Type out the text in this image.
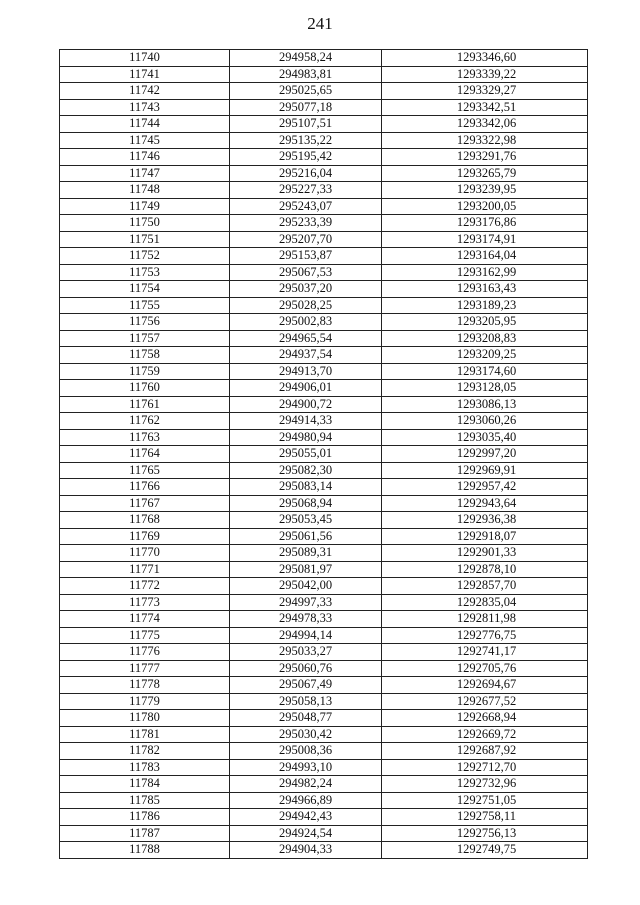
241
11740	294958,24	1293346,60
11741	294983,81	1293339,22
11742	295025,65	1293329,27
11743	295077,18	1293342,51
11744	295107,51	1293342,06
11745	295135,22	1293322,98
11746	295195,42	1293291,76
11747	295216,04	1293265,79
11748	295227,33	1293239,95
11749	295243,07	1293200,05
11750	295233,39	1293176,86
11751	295207,70	1293174,91
11752	295153,87	1293164,04
11753	295067,53	1293162,99
11754	295037,20	1293163,43
11755	295028,25	1293189,23
11756	295002,83	1293205,95
11757	294965,54	1293208,83
11758	294937,54	1293209,25
11759	294913,70	1293174,60
11760	294906,01	1293128,05
11761	294900,72	1293086,13
11762	294914,33	1293060,26
11763	294980,94	1293035,40
11764	295055,01	1292997,20
11765	295082,30	1292969,91
11766	295083,14	1292957,42
11767	295068,94	1292943,64
11768	295053,45	1292936,38
11769	295061,56	1292918,07
11770	295089,31	1292901,33
11771	295081,97	1292878,10
11772	295042,00	1292857,70
11773	294997,33	1292835,04
11774	294978,33	1292811,98
11775	294994,14	1292776,75
11776	295033,27	1292741,17
11777	295060,76	1292705,76
11778	295067,49	1292694,67
11779	295058,13	1292677,52
11780	295048,77	1292668,94
11781	295030,42	1292669,72
11782	295008,36	1292687,92
11783	294993,10	1292712,70
11784	294982,24	1292732,96
11785	294966,89	1292751,05
11786	294942,43	1292758,11
11787	294924,54	1292756,13
11788	294904,33	1292749,75
